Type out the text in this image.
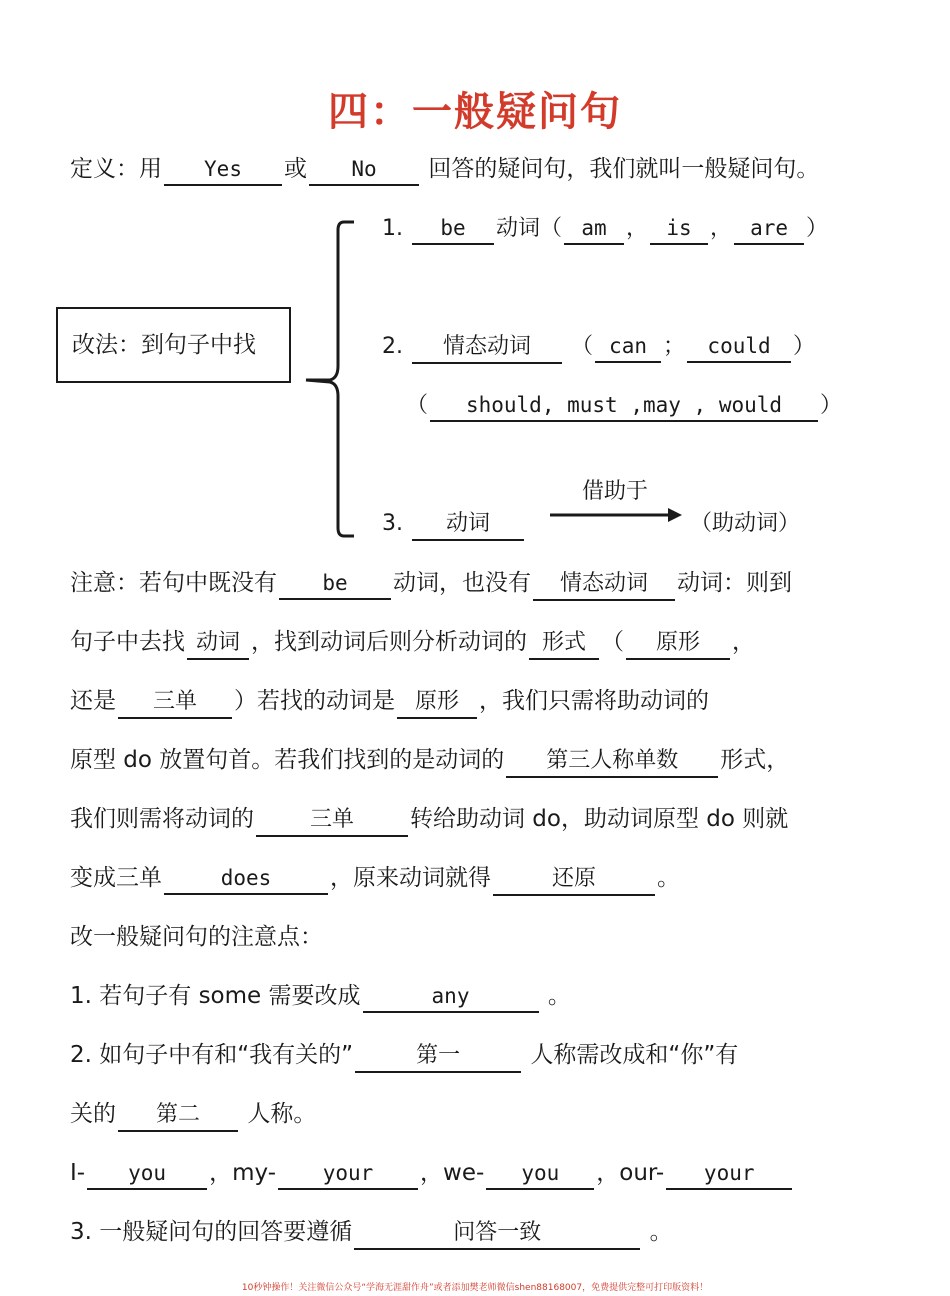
四：一般疑问句
定义：用 Yes 或 No 回答的疑问句，我们就叫一般疑问句。
改法：到句子中找
1. be 动词（ am ， is ， are ）
2. 情态动词 （ can ； could ）
（ should, must ,may , would ）
借助于
3. 动词	（助动词）
注意：若句中既没有 be 动词，也没有 情态动词 动词：则到
句子中去找 动词 ，找到动词后则分析动词的 形式 （ 原形 ，
还是 三单 ）若找的动词是 原形 ，我们只需将助动词的
原型 do 放置句首。若我们找到的是动词的 第三人称单数 形式，
我们则需将动词的	三单 转给助动词 do，助动词原型 do 则就
变成三单	does	，原来动词就得	还原	。
改一般疑问句的注意点：
1. 若句子有 some 需要改成	any	。
2. 如句子中有和“我有关的”	第一	人称需改成和“你”有
关的 第二 人称。
I- you ，my- your ，we- you ，our- your
3. 一般疑问句的回答要遵循	问答一致	。
10秒钟操作！关注微信公众号“学海无涯甜作舟”或者添加樊老师微信shen88168007，免费提供完整可打印版资料！
